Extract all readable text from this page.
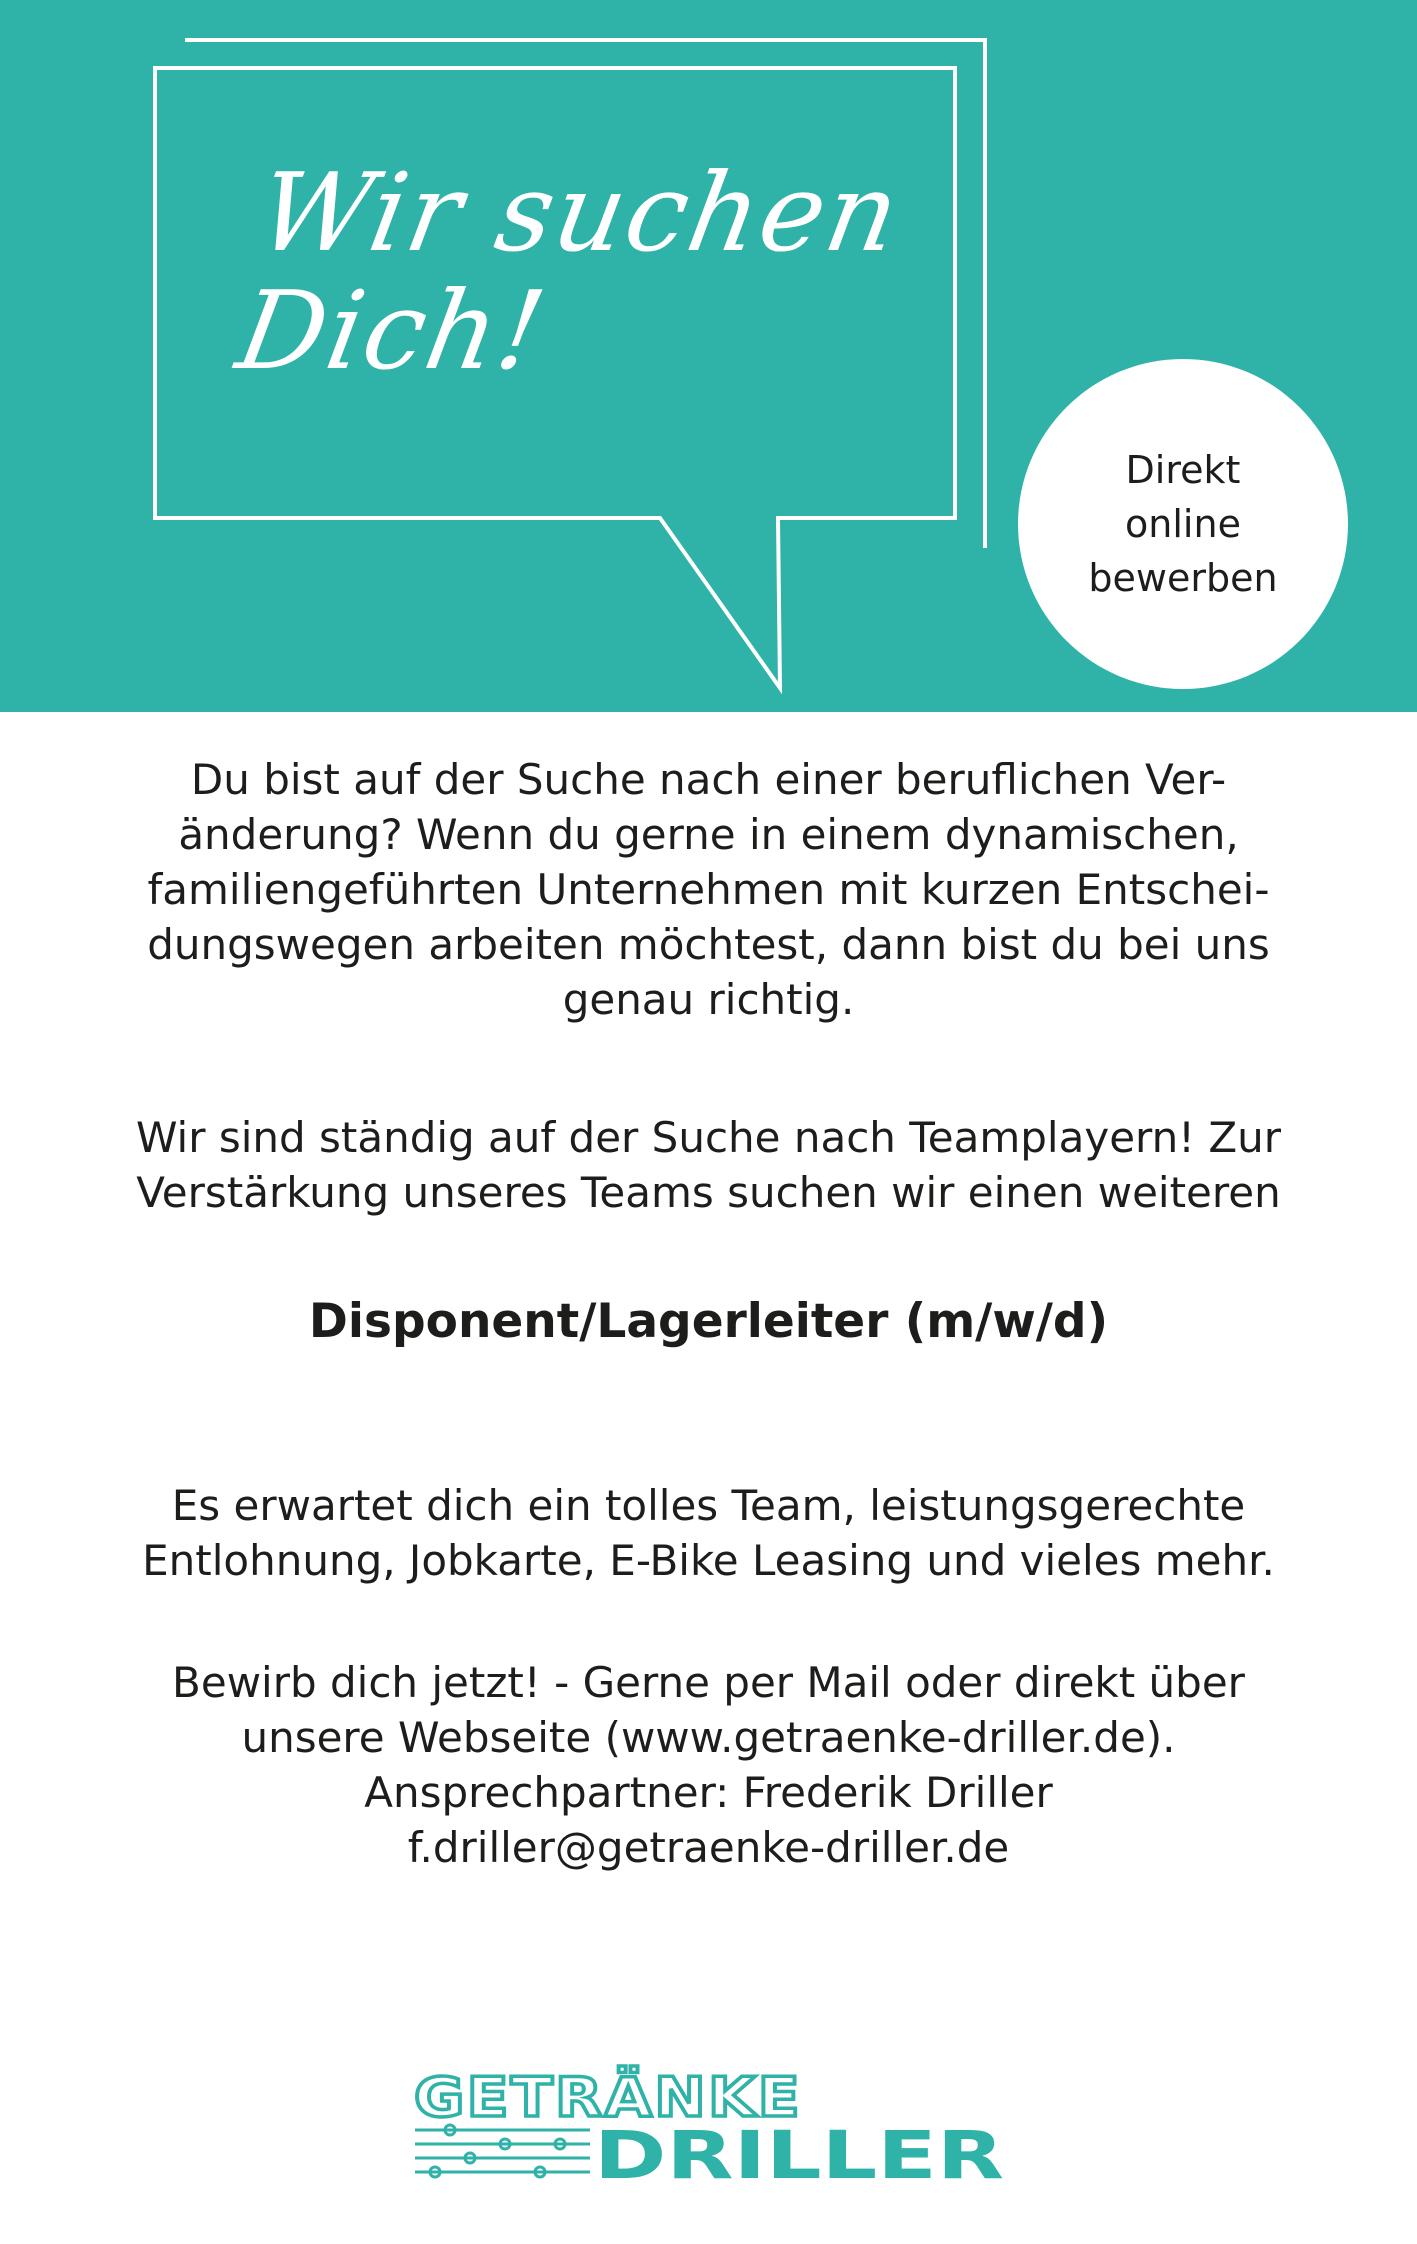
Wir suchen
Dich!
Direkt
online
bewerben
Du bist auf der Suche nach einer beruflichen Ver-
änderung? Wenn du gerne in einem dynamischen,
familiengeführten Unternehmen mit kurzen Entschei-
dungswegen arbeiten möchtest, dann bist du bei uns
genau richtig.
Wir sind ständig auf der Suche nach Teamplayern! Zur
Verstärkung unseres Teams suchen wir einen weiteren
Disponent/Lagerleiter (m/w/d)
Es erwartet dich ein tolles Team, leistungsgerechte
Entlohnung, Jobkarte, E-Bike Leasing und vieles mehr.
Bewirb dich jetzt! - Gerne per Mail oder direkt über
unsere Webseite (www.getraenke-driller.de).
Ansprechpartner: Frederik Driller
f.driller@getraenke-driller.de
GETRÄNKE
DRILLER
